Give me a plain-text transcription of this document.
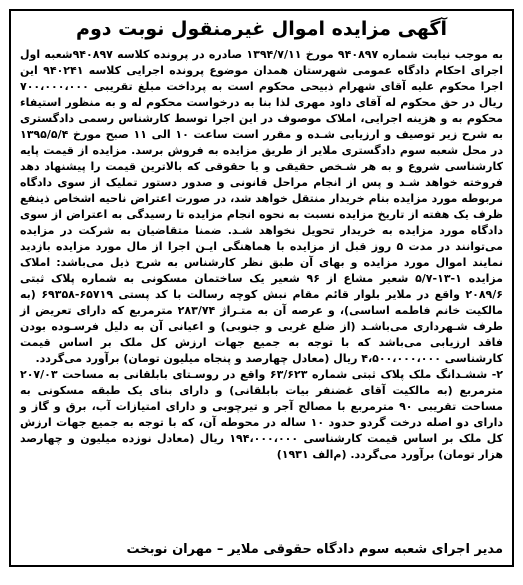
آگهی مزایده اموال غیرمنقول نوبت دوم

به موجب نیابت شماره ۹۴۰۸۹۷ مورخ ۱۳۹۴/۷/۱۱ صادره در پرونده کلاسه ۹۴۰۸۹۷شعبه اول اجرای احکام دادگاه عمومی شهرستان همدان موضوع پرونده اجرایی کلاسه ۹۴۰۲۴۱ این اجرا محکوم علیه آقای شهرام ذبیحی محکوم است به پرداخت مبلغ تقریبی ۷۰۰،۰۰۰،۰۰۰ ریال در حق محکوم له آقای داود مهری لذا بنا به درخواست محکوم له و به منظور استیفاء محکوم به و هزینه اجرایی، املاک موصوف در این اجرا توسط کارشناس رسمی دادگستری به شرح زیر توصیف و ارزیابی شـده و مقرر است ساعت ۱۰ الی ۱۱ صبح مورخ ۱۳۹۵/۵/۴ در محل شعبه سوم دادگستری ملایر از طریق مزایده به فروش برسد. مزایده از قیمت پایه کارشناسی شروع و به هر شـخص حقیقی و یا حقوقی که بالاترین قیمت را پیشنهاد دهد فروخته خواهد شـد و پس از انجام مراحل قانونی و صدور دستور تملیک از سوی دادگاه مربوطه مورد مزایده بنام خریدار منتقل خواهد شد، در صورت اعتراض ناحیه اشخاص ذینفع ظرف یک هفته از تاریخ مزایده نسبت به نحوه انجام مزایده تا رسیدگی به اعتراض از سوی دادگاه مورد مزایده به خریدار تحویل نخواهد شـد. ضمنا متقاضیان به شرکت در مزایده می‌توانند در مدت ۵ روز قبل از مزایده با هماهنگی ایـن اجرا از مال مورد مزایده بازدید نمایند اموال مورد مزایده و بهای آن طبق نظر کارشناس به شرح ذیل می‌باشد: املاک مزایده ۱-۱۳-۵/۷ شعیر مشاع از ۹۶ شعیر یک ساختمان مسکونی به شماره پلاک ثبتی ۲۰۸۹/۶ واقع در ملایر بلوار قائم مقام نبش کوچه رسالت با کد پستی ۶۵۷۱۹-۶۹۳۵۸ (به مالکیت خانم فاطمه اساسی)، و عرصه آن به متـراژ ۲۸۳/۷۴ مترمربع که دارای تعریض از طرف شـهرداری می‌باشـد (از ضلع غربی و جنوبی) و اعیانی آن به دلیل فرسـوده بودن فاقد ارزیابی می‌باشد که با توجه به جمیع جهات ارزش کل ملک بر اساس قیمت کارشناسی ۴،۵۰۰،۰۰۰،۰۰۰ ریال (معادل چهارصد و پنجاه میلیون تومان) برآورد می‌گردد.

۲- ششـدانگ ملک پلاک ثبتی شماره ۶۳/۶۲۳ واقع در روسـتای بابلقانی به مساحت ۲۰۷/۰۳ مترمربع (به مالکیت آقای غضنفر بیات بابلقانی) و دارای بنای یک طبقه مسکونی به مساحت تقریبی ۹۰ مترمربع با مصالح آجر و تیرچوبی و دارای امتیازات آب، برق و گاز و دارای دو اصله درخت گردو حدود ۱۰ ساله در محوطه آن، که با توجه به جمیع جهات ارزش کل ملک بر اساس قیمت کارشناسی ۱۹۴،۰۰۰،۰۰۰ ریال (معادل نوزده میلیون و چهارصد هزار تومان) برآورد می‌گردد. (م‌الف ۱۹۳۱)

مدیر اجرای شعبه سوم دادگاه حقوقی ملایر – مهران نوبخت
